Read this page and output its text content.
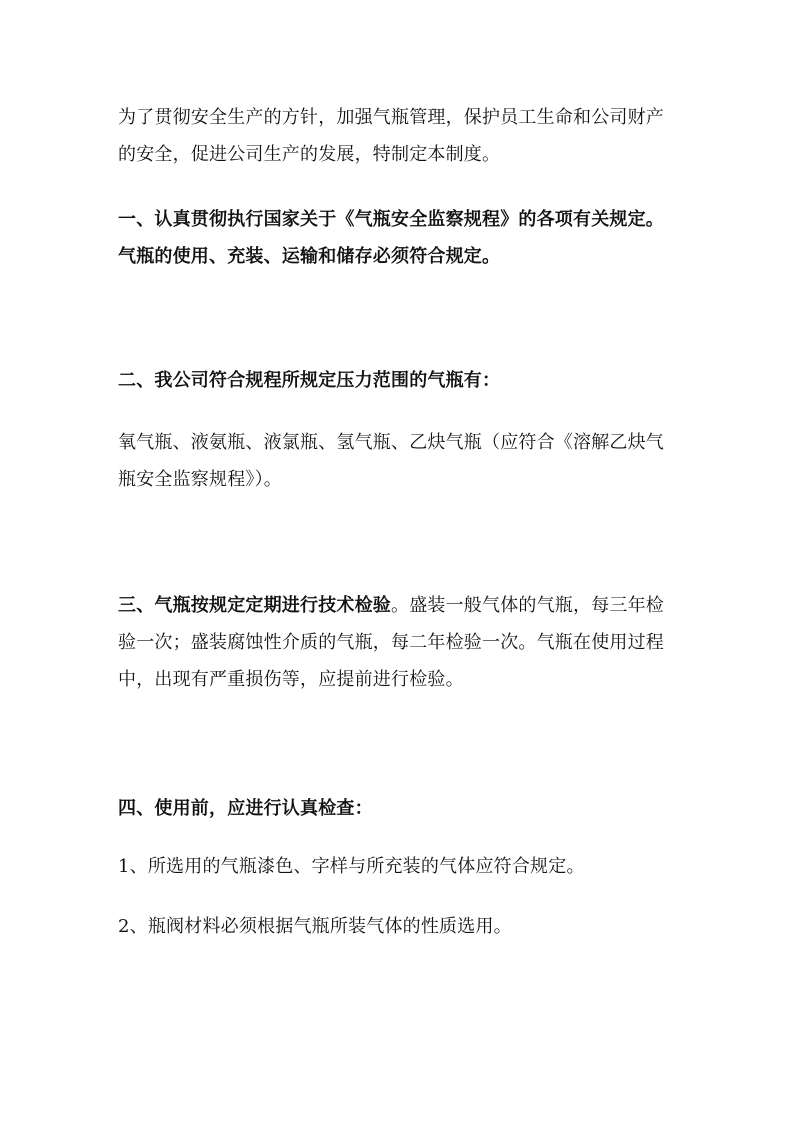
为了贯彻安全生产的方针，加强气瓶管理，保护员工生命和公司财产的安全，促进公司生产的发展，特制定本制度。

一、认真贯彻执行国家关于《气瓶安全监察规程》的各项有关规定。气瓶的使用、充装、运输和储存必须符合规定。

二、我公司符合规程所规定压力范围的气瓶有：

氧气瓶、液氨瓶、液氯瓶、氢气瓶、乙炔气瓶（应符合《溶解乙炔气瓶安全监察规程》）。

三、气瓶按规定定期进行技术检验。盛装一般气体的气瓶，每三年检验一次；盛装腐蚀性介质的气瓶，每二年检验一次。气瓶在使用过程中，出现有严重损伤等，应提前进行检验。

四、使用前，应进行认真检查：

1、所选用的气瓶漆色、字样与所充装的气体应符合规定。

2、瓶阀材料必须根据气瓶所装气体的性质选用。
